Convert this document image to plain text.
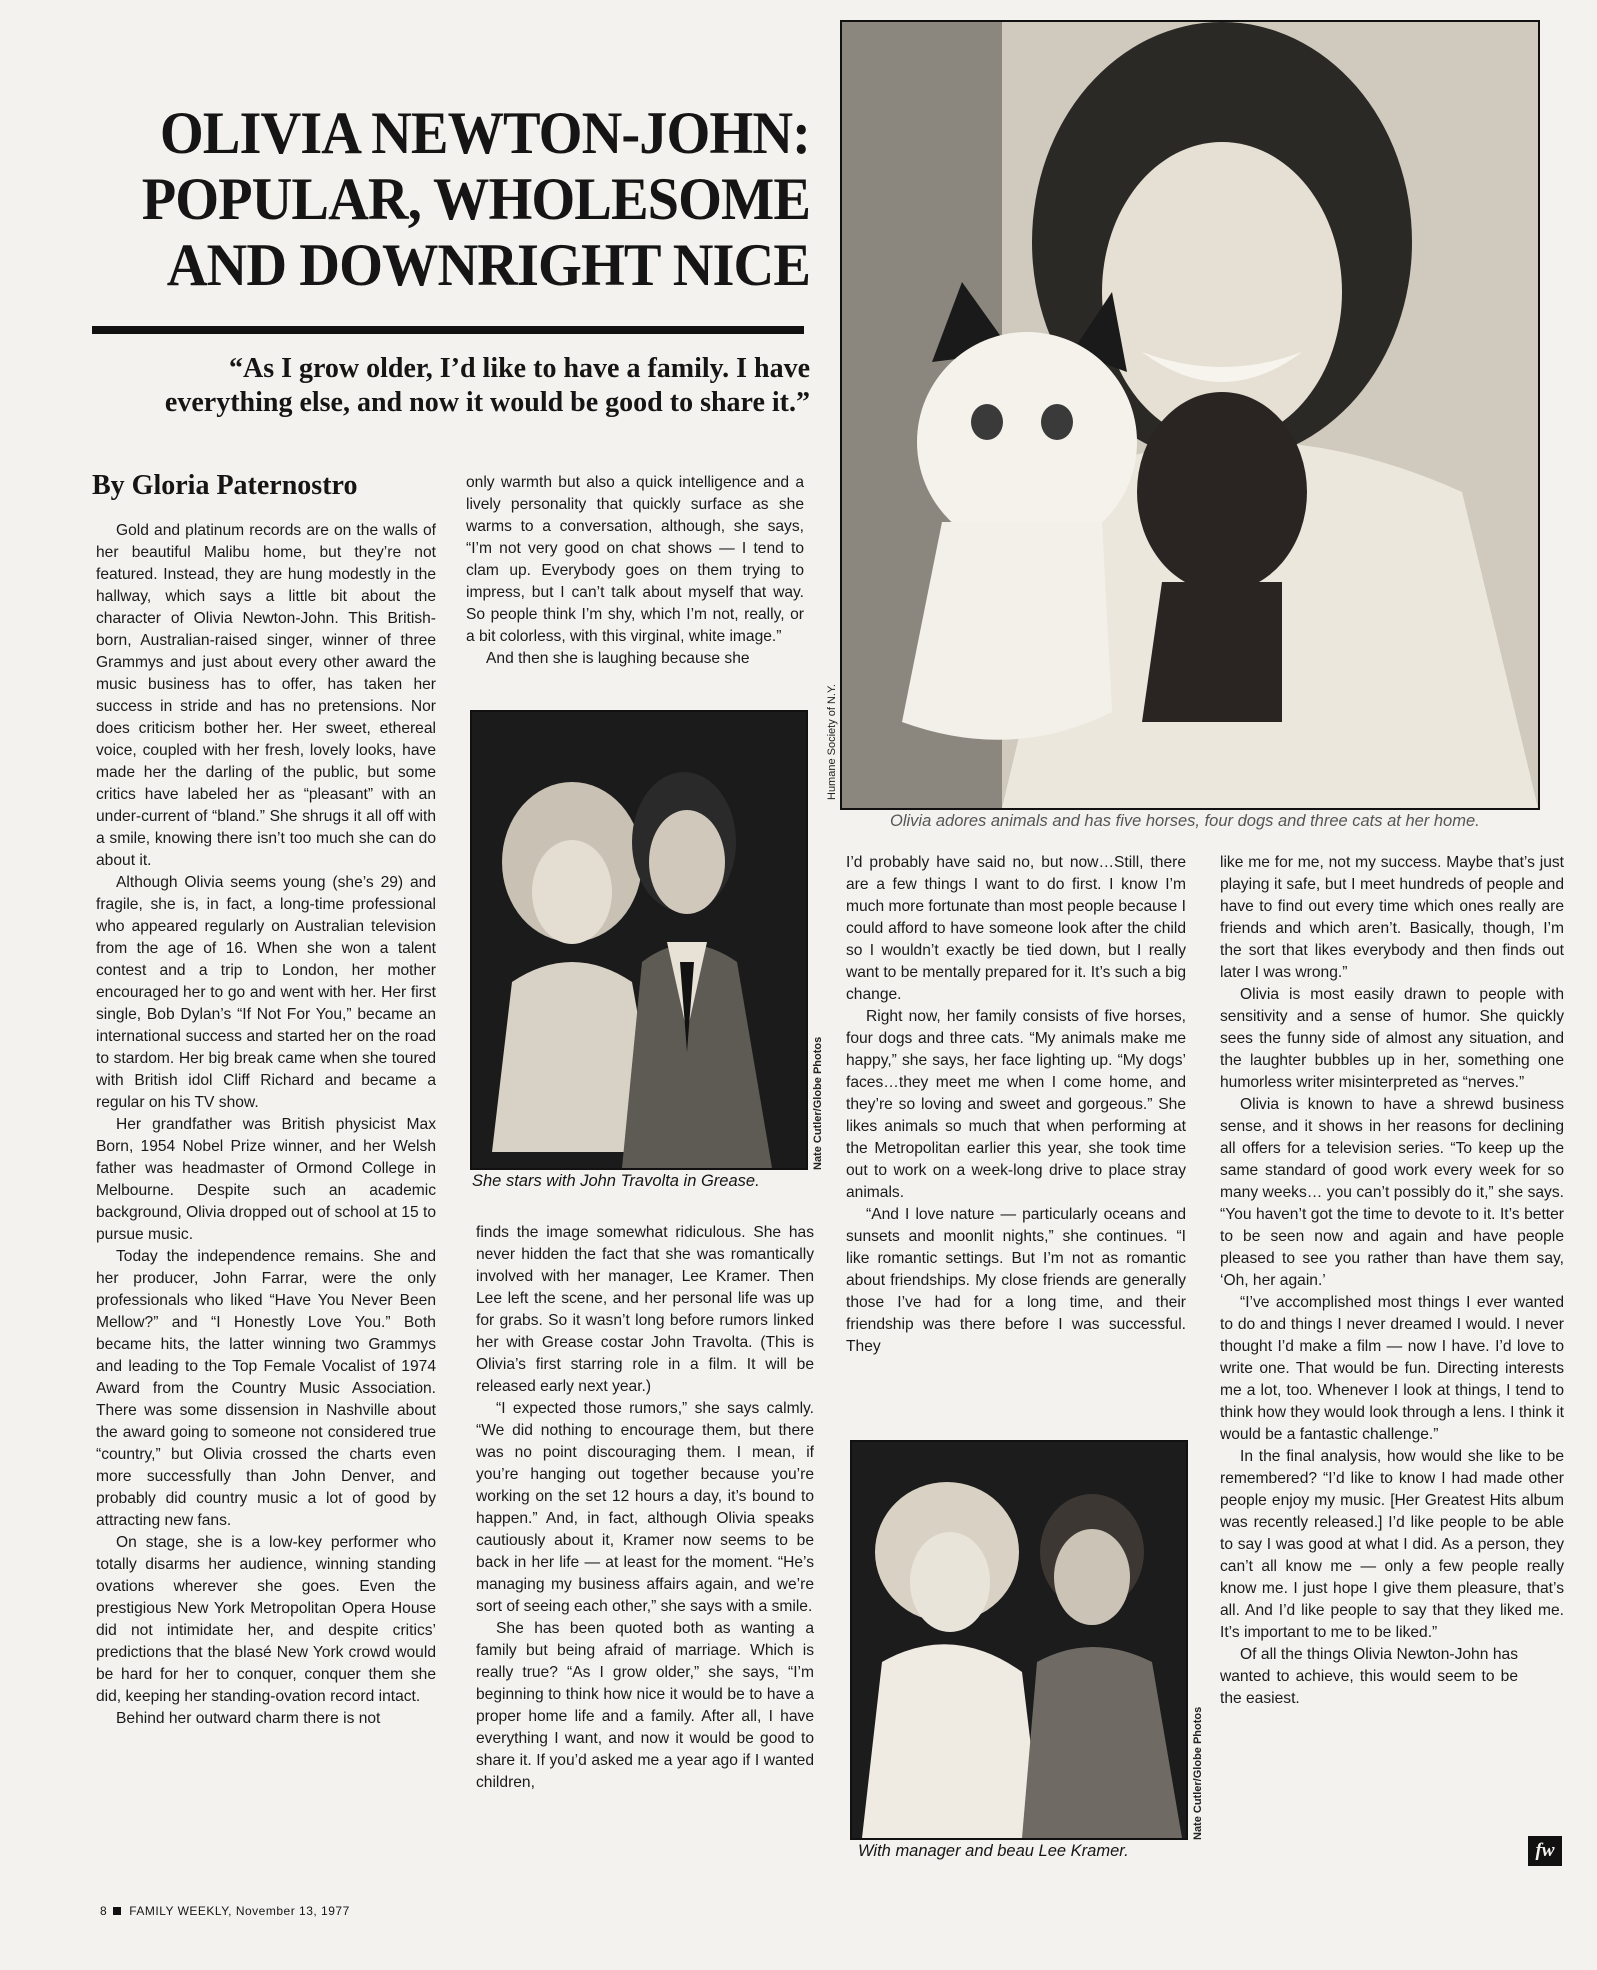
OLIVIA NEWTON-JOHN:
POPULAR, WHOLESOME
AND DOWNRIGHT NICE

“As I grow older, I’d like to have a family. I have everything else, and now it would be good to share it.”

By Gloria Paternostro

Gold and platinum records are on the walls of her beautiful Malibu home, but they’re not featured. Instead, they are hung modestly in the hallway, which says a little bit about the character of Olivia Newton-John. This British-born, Australian-raised singer, winner of three Grammys and just about every other award the music business has to offer, has taken her success in stride and has no pretensions. Nor does criticism bother her. Her sweet, ethereal voice, coupled with her fresh, lovely looks, have made her the darling of the public, but some critics have labeled her as “pleasant” with an under-current of “bland.” She shrugs it all off with a smile, knowing there isn’t too much she can do about it.

Although Olivia seems young (she’s 29) and fragile, she is, in fact, a long-time professional who appeared regularly on Australian television from the age of 16. When she won a talent contest and a trip to London, her mother encouraged her to go and went with her. Her first single, Bob Dylan’s “If Not For You,” became an international success and started her on the road to stardom. Her big break came when she toured with British idol Cliff Richard and became a regular on his TV show.

Her grandfather was British physicist Max Born, 1954 Nobel Prize winner, and her Welsh father was headmaster of Ormond College in Melbourne. Despite such an academic background, Olivia dropped out of school at 15 to pursue music.

Today the independence remains. She and her producer, John Farrar, were the only professionals who liked “Have You Never Been Mellow?” and “I Honestly Love You.” Both became hits, the latter winning two Grammys and leading to the Top Female Vocalist of 1974 Award from the Country Music Association. There was some dissension in Nashville about the award going to someone not considered true “country,” but Olivia crossed the charts even more successfully than John Denver, and probably did country music a lot of good by attracting new fans.

On stage, she is a low-key performer who totally disarms her audience, winning standing ovations wherever she goes. Even the prestigious New York Metropolitan Opera House did not intimidate her, and despite critics’ predictions that the blasé New York crowd would be hard for her to conquer, conquer them she did, keeping her standing-ovation record intact.

Behind her outward charm there is not

only warmth but also a quick intelligence and a lively personality that quickly surface as she warms to a conversation, although, she says, “I’m not very good on chat shows — I tend to clam up. Everybody goes on them trying to impress, but I can’t talk about myself that way. So people think I’m shy, which I’m not, really, or a bit colorless, with this virginal, white image.”

And then she is laughing because she

Nate Cutler/Globe Photos
She stars with John Travolta in Grease.

finds the image somewhat ridiculous. She has never hidden the fact that she was romantically involved with her manager, Lee Kramer. Then Lee left the scene, and her personal life was up for grabs. So it wasn’t long before rumors linked her with Grease costar John Travolta. (This is Olivia’s first starring role in a film. It will be released early next year.)

“I expected those rumors,” she says calmly. “We did nothing to encourage them, but there was no point discouraging them. I mean, if you’re hanging out together because you’re working on the set 12 hours a day, it’s bound to happen.” And, in fact, although Olivia speaks cautiously about it, Kramer now seems to be back in her life — at least for the moment. “He’s managing my business affairs again, and we’re sort of seeing each other,” she says with a smile.

She has been quoted both as wanting a family but being afraid of marriage. Which is really true? “As I grow older,” she says, “I’m beginning to think how nice it would be to have a proper home life and a family. After all, I have everything I want, and now it would be good to share it. If you’d asked me a year ago if I wanted children,

Humane Society of N.Y.
Olivia adores animals and has five horses, four dogs and three cats at her home.

I’d probably have said no, but now…Still, there are a few things I want to do first. I know I’m much more fortunate than most people because I could afford to have someone look after the child so I wouldn’t exactly be tied down, but I really want to be mentally prepared for it. It’s such a big change.

Right now, her family consists of five horses, four dogs and three cats. “My animals make me happy,” she says, her face lighting up. “My dogs’ faces…they meet me when I come home, and they’re so loving and sweet and gorgeous.” She likes animals so much that when performing at the Metropolitan earlier this year, she took time out to work on a week-long drive to place stray animals.

“And I love nature — particularly oceans and sunsets and moonlit nights,” she continues. “I like romantic settings. But I’m not as romantic about friendships. My close friends are generally those I’ve had for a long time, and their friendship was there before I was successful. They

Nate Cutler/Globe Photos
With manager and beau Lee Kramer.

like me for me, not my success. Maybe that’s just playing it safe, but I meet hundreds of people and have to find out every time which ones really are friends and which aren’t. Basically, though, I’m the sort that likes everybody and then finds out later I was wrong.”

Olivia is most easily drawn to people with sensitivity and a sense of humor. She quickly sees the funny side of almost any situation, and the laughter bubbles up in her, something one humorless writer misinterpreted as “nerves.”

Olivia is known to have a shrewd business sense, and it shows in her reasons for declining all offers for a television series. “To keep up the same standard of good work every week for so many weeks… you can’t possibly do it,” she says. “You haven’t got the time to devote to it. It’s better to be seen now and again and have people pleased to see you rather than have them say, ‘Oh, her again.’

“I’ve accomplished most things I ever wanted to do and things I never dreamed I would. I never thought I’d make a film — now I have. I’d love to write one. That would be fun. Directing interests me a lot, too. Whenever I look at things, I tend to think how they would look through a lens. I think it would be a fantastic challenge.”

In the final analysis, how would she like to be remembered? “I’d like to know I had made other people enjoy my music. [Her Greatest Hits album was recently released.] I’d like people to be able to say I was good at what I did. As a person, they can’t all know me — only a few people really know me. I just hope I give them pleasure, that’s all. And I’d like people to say that they liked me. It’s important to me to be liked.”

Of all the things Olivia Newton-John has wanted to achieve, this would seem to be the easiest.

fw
8 FAMILY WEEKLY, November 13, 1977
